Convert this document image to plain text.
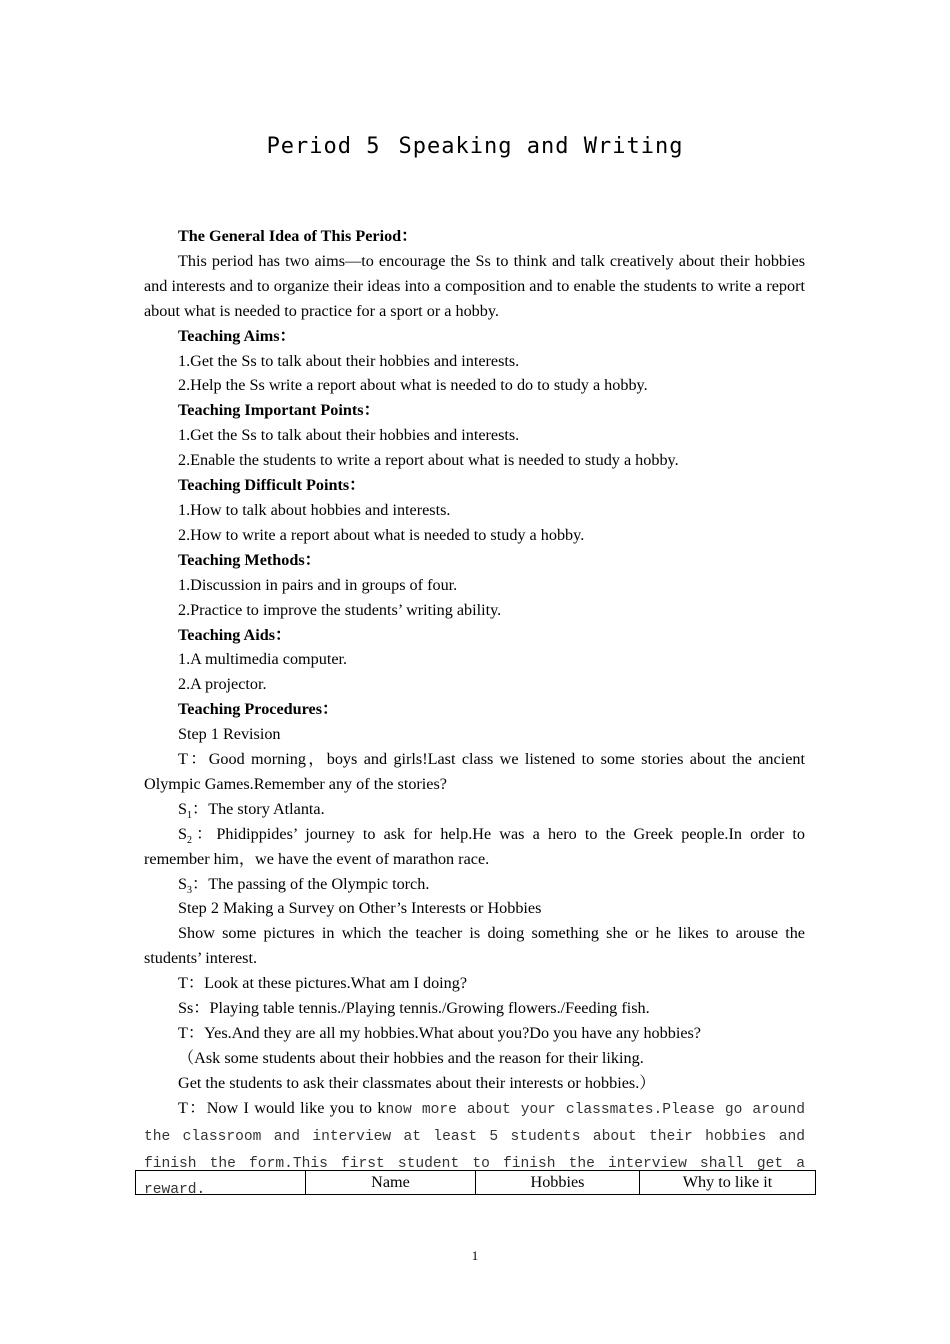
Period 5 Speaking and Writing

The General Idea of This Period：

This period has two aims—to encourage the Ss to think and talk creatively about their hobbies and interests and to organize their ideas into a composition and to enable the students to write a report about what is needed to practice for a sport or a hobby.

Teaching Aims：

1.Get the Ss to talk about their hobbies and interests.

2.Help the Ss write a report about what is needed to do to study a hobby.

Teaching Important Points：

1.Get the Ss to talk about their hobbies and interests.

2.Enable the students to write a report about what is needed to study a hobby.

Teaching Difficult Points：

1.How to talk about hobbies and interests.

2.How to write a report about what is needed to study a hobby.

Teaching Methods：

1.Discussion in pairs and in groups of four.

2.Practice to improve the students’ writing ability.

Teaching Aids：

1.A multimedia computer.

2.A projector.

Teaching Procedures：

Step 1 Revision

T：Good morning，boys and girls!Last class we listened to some stories about the ancient Olympic Games.Remember any of the stories?

$S_1$：The story Atlanta.

$S_2$：Phidippides’ journey to ask for help.He was a hero to the Greek people.In order to remember him，we have the event of marathon race.

$S_3$：The passing of the Olympic torch.

Step 2 Making a Survey on Other’s Interests or Hobbies

Show some pictures in which the teacher is doing something she or he likes to arouse the students’ interest.

T：Look at these pictures.What am I doing?

Ss：Playing table tennis./Playing tennis./Growing flowers./Feeding fish.

T：Yes.And they are all my hobbies.What about you?Do you have any hobbies?

（Ask some students about their hobbies and the reason for their liking.

Get the students to ask their classmates about their interests or hobbies.）

T：Now I would like you to know more about your classmates.Please go around the classroom and interview at least 5 students about their hobbies and finish the form.This first student to finish the interview shall get a reward.

		Name	Hobbies	Why to like it
1
